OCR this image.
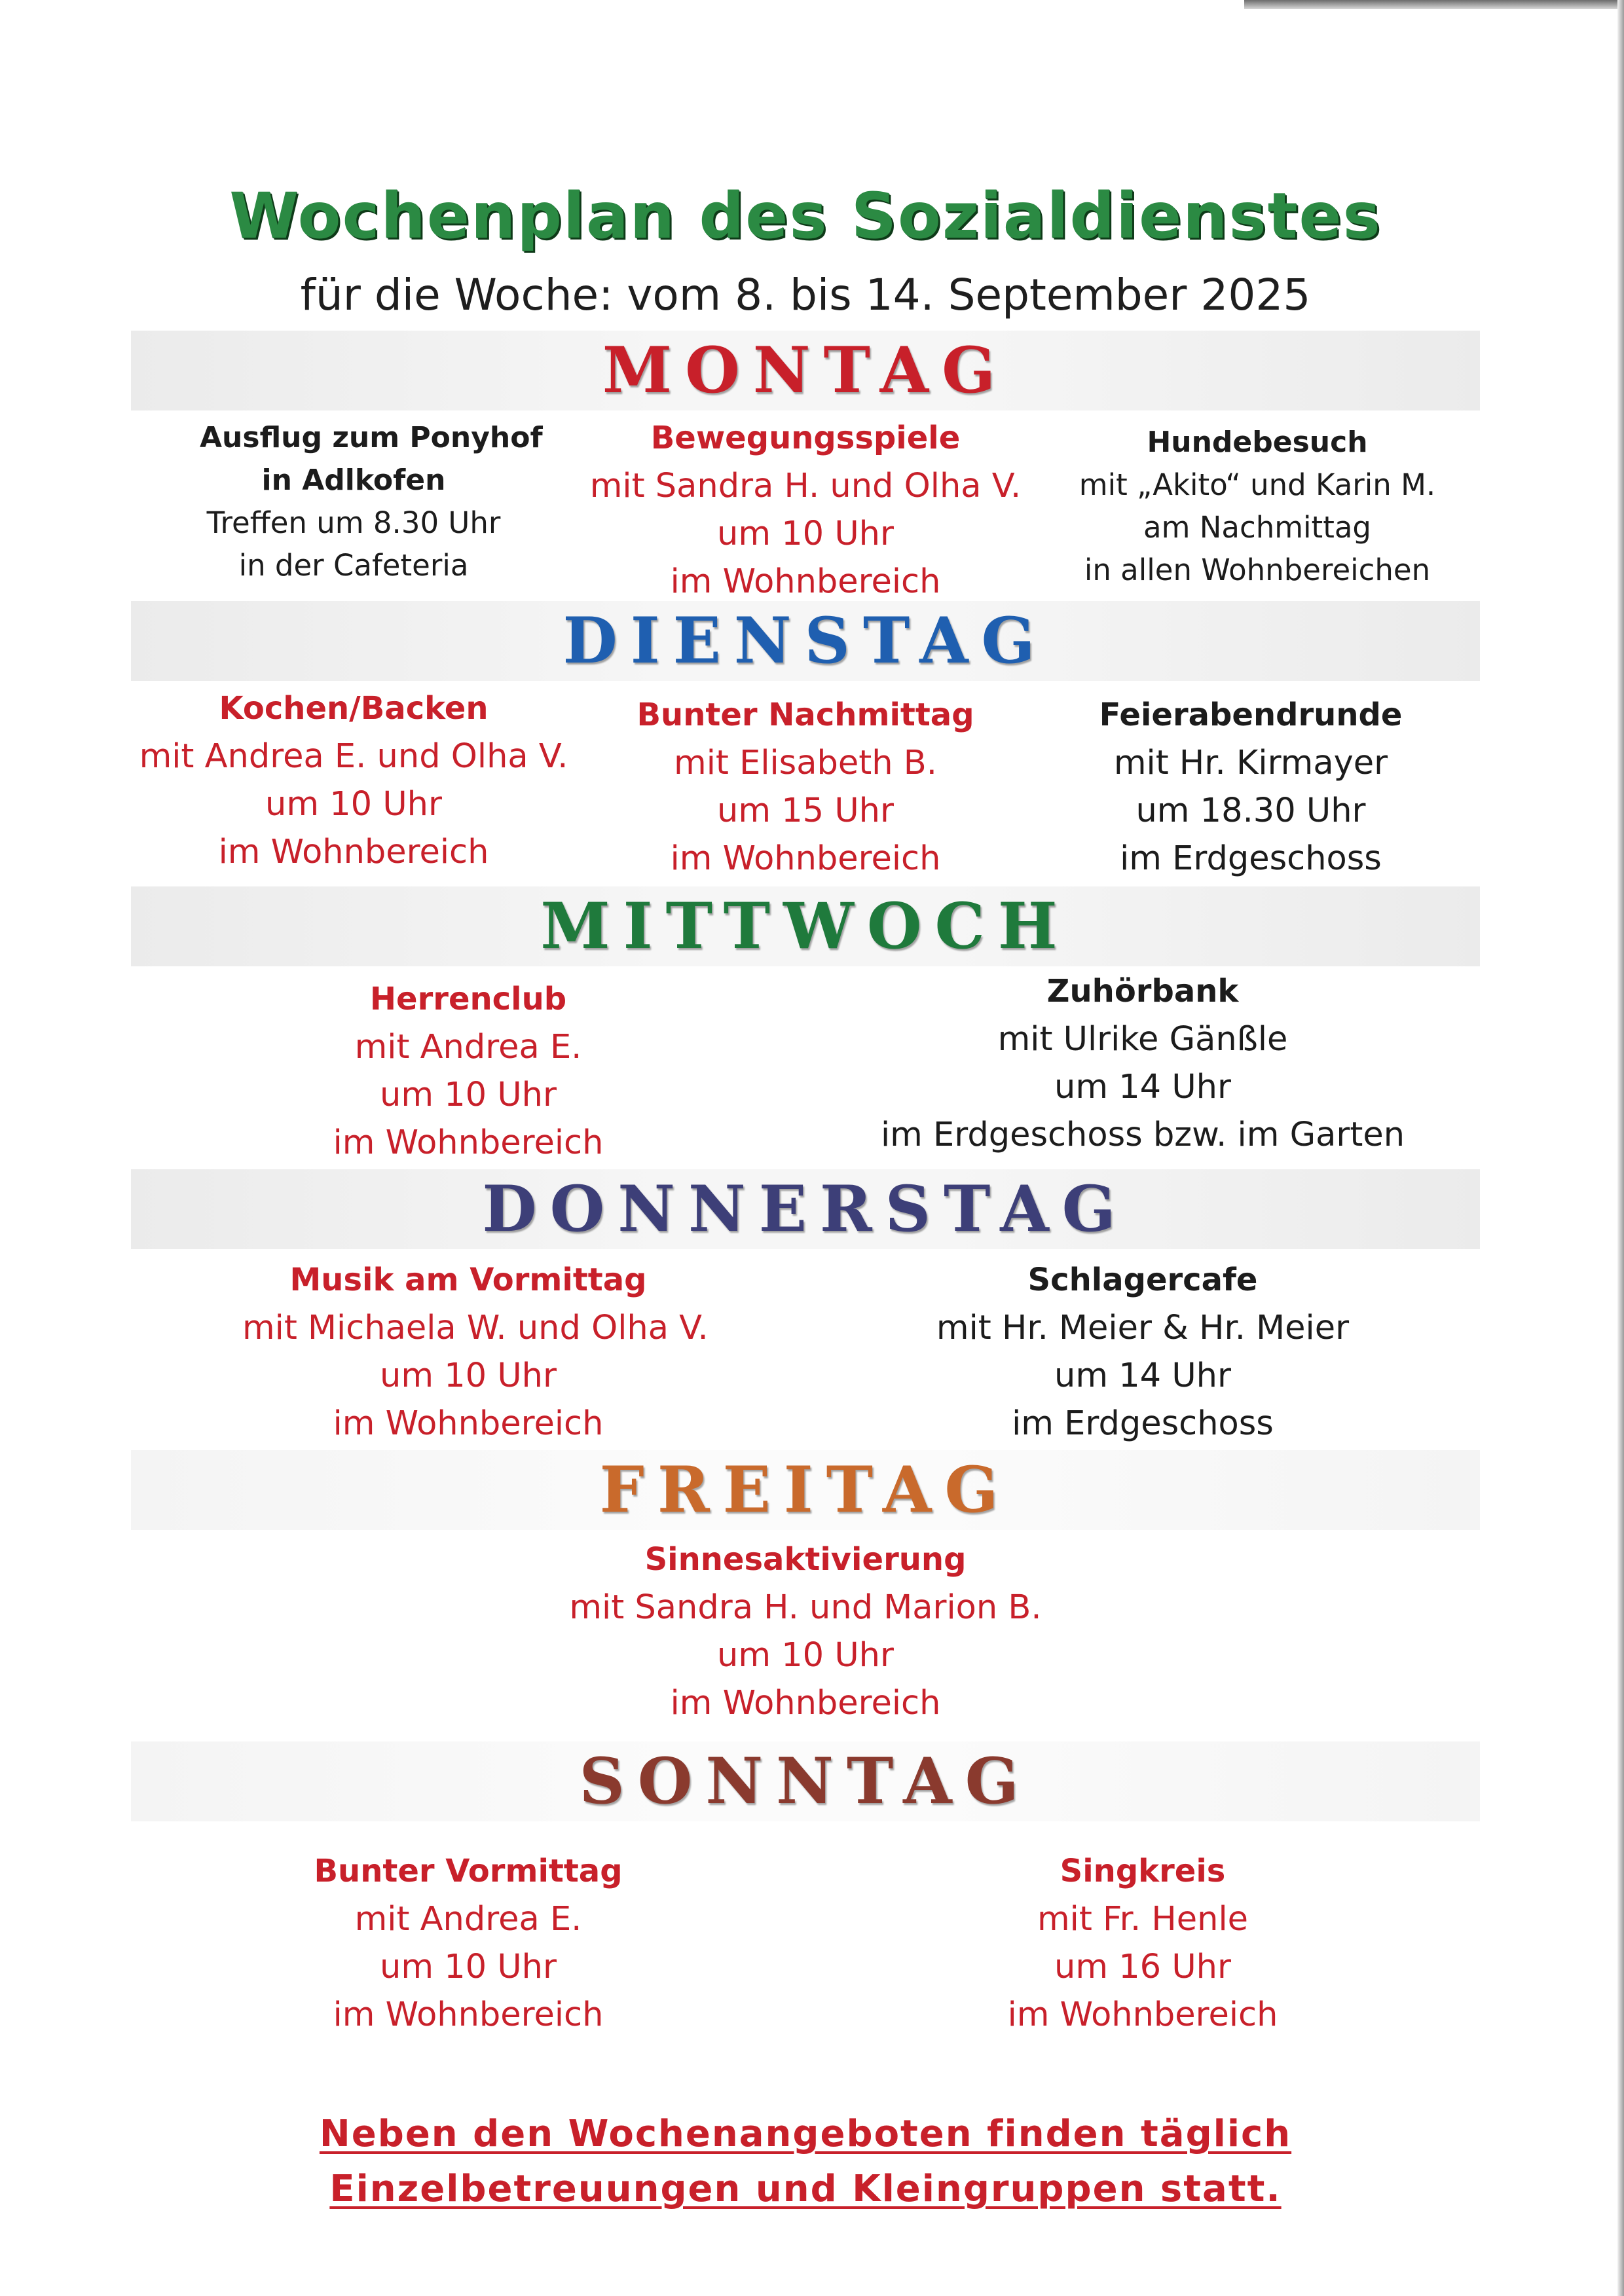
Wochenplan des Sozialdienstes
für die Woche: vom 8. bis 14. September 2025
MONTAG
Ausflug zum Ponyhof
in Adlkofen
Treffen um 8.30 Uhr
in der Cafeteria
Bewegungsspiele
mit Sandra H. und Olha V.
um 10 Uhr
im Wohnbereich
Hundebesuch
mit „Akito“ und Karin M.
am Nachmittag
in allen Wohnbereichen
DIENSTAG
Kochen/Backen
mit Andrea E. und Olha V.
um 10 Uhr
im Wohnbereich
Bunter Nachmittag
mit Elisabeth B.
um 15 Uhr
im Wohnbereich
Feierabendrunde
mit Hr. Kirmayer
um 18.30 Uhr
im Erdgeschoss
MITTWOCH
Herrenclub
mit Andrea E.
um 10 Uhr
im Wohnbereich
Zuhörbank
mit Ulrike Gänßle
um 14 Uhr
im Erdgeschoss bzw. im Garten
DONNERSTAG
Musik am Vormittag
mit Michaela W. und Olha V.
um 10 Uhr
im Wohnbereich
Schlagercafe
mit Hr. Meier & Hr. Meier
um 14 Uhr
im Erdgeschoss
FREITAG
Sinnesaktivierung
mit Sandra H. und Marion B.
um 10 Uhr
im Wohnbereich
SONNTAG
Bunter Vormittag
mit Andrea E.
um 10 Uhr
im Wohnbereich
Singkreis
mit Fr. Henle
um 16 Uhr
im Wohnbereich
Neben den Wochenangeboten finden täglich
Einzelbetreuungen und Kleingruppen statt.
